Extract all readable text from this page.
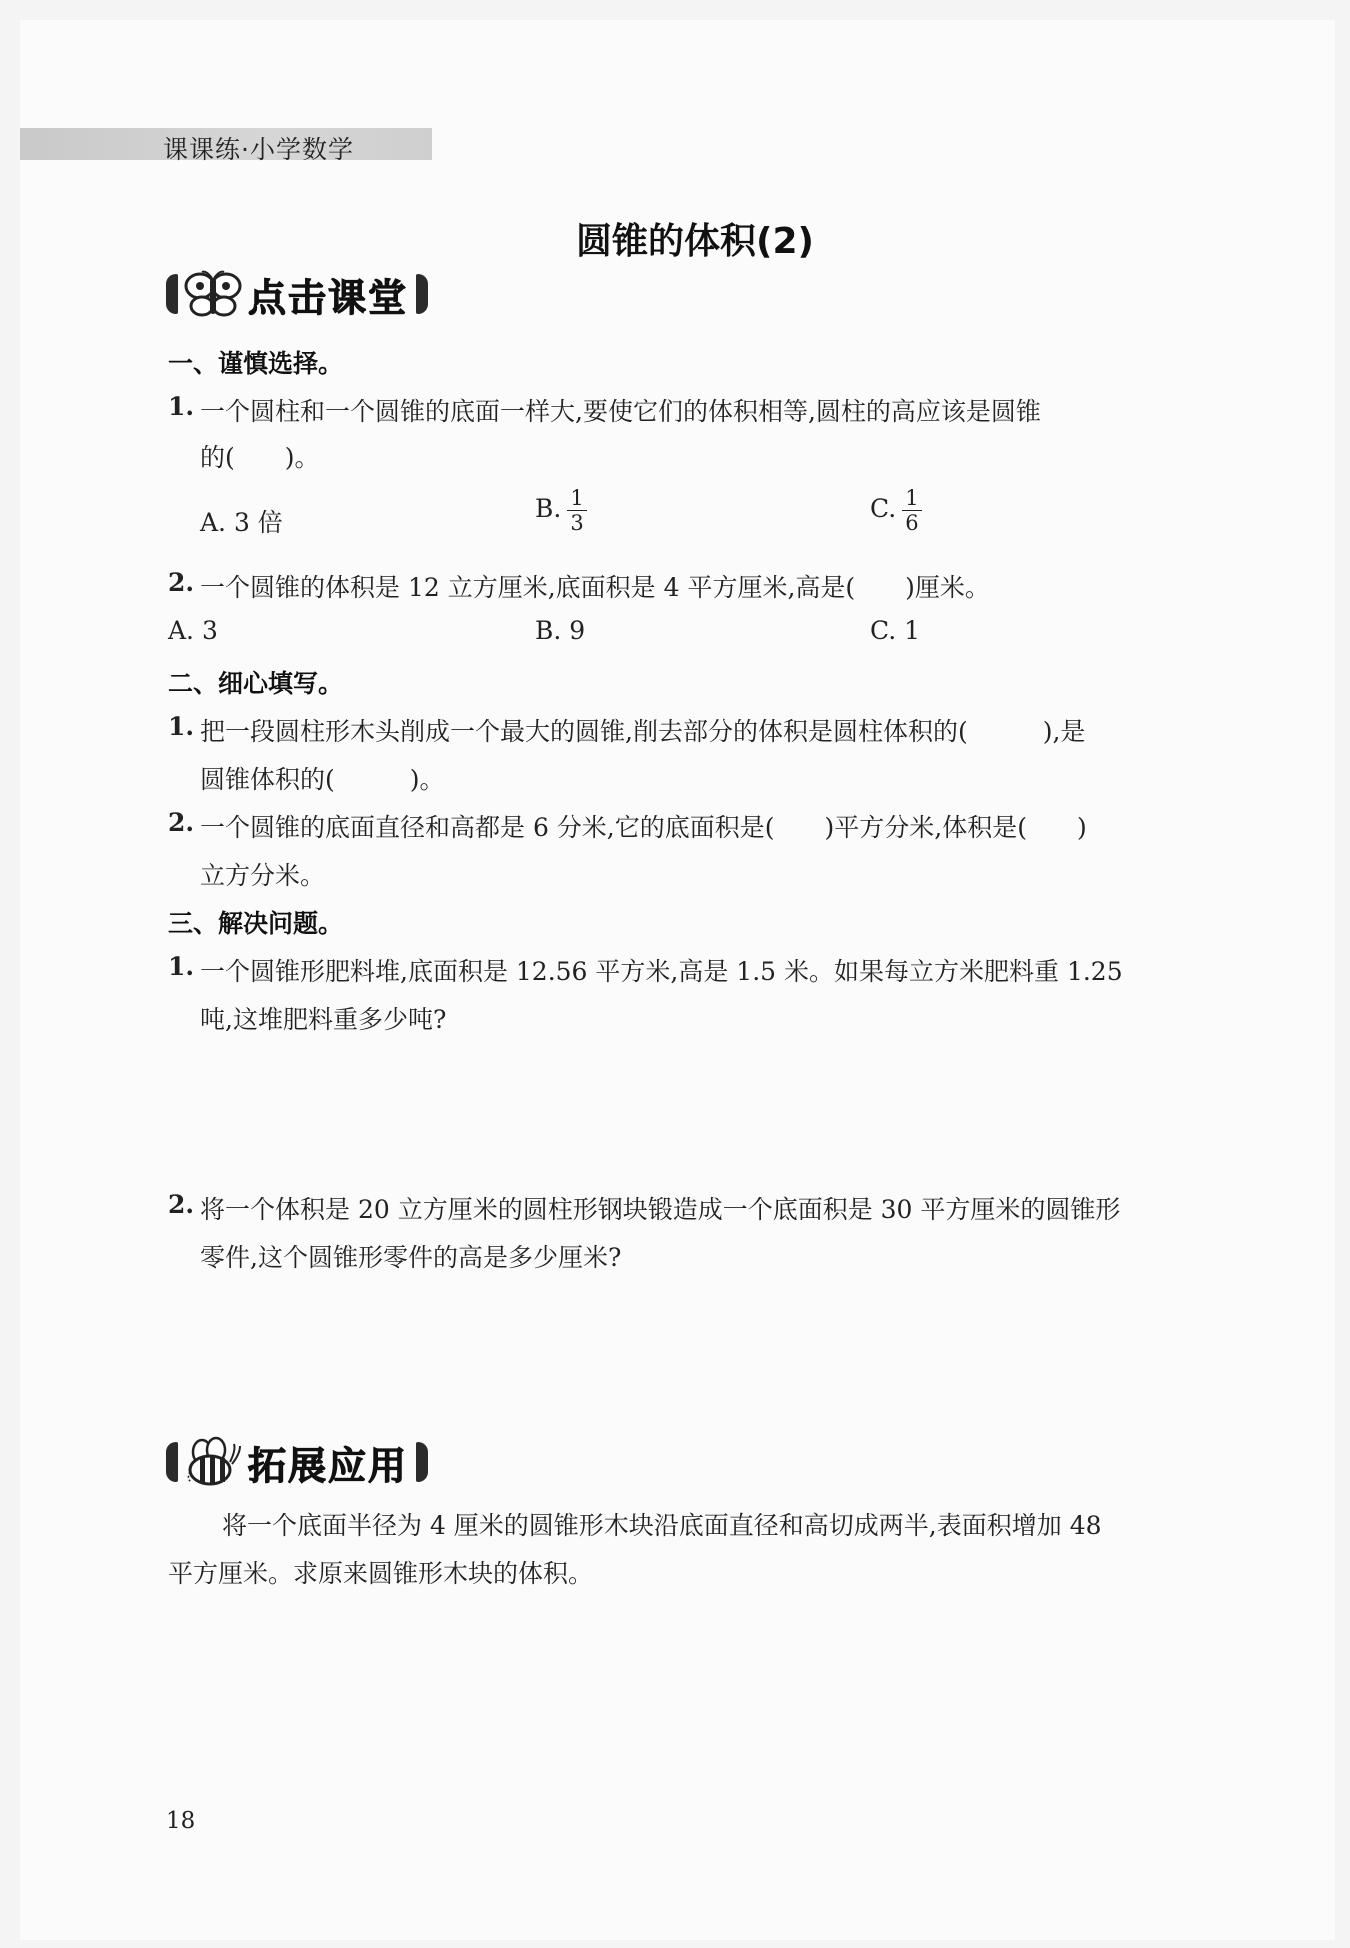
课课练·小学数学
圆锥的体积(2)
点击课堂
一、谨慎选择。
1. 一个圆柱和一个圆锥的底面一样大,要使它们的体积相等,圆柱的高应该是圆锥
的(　　)。
A. 3 倍	B. $\frac{1}{3}$	C. $\frac{1}{6}$
2. 一个圆锥的体积是 12 立方厘米,底面积是 4 平方厘米,高是(　　)厘米。
A. 3	B. 9	C. 1
二、细心填写。
1. 把一段圆柱形木头削成一个最大的圆锥,削去部分的体积是圆柱体积的(　　　),是
圆锥体积的(　　　)。
2. 一个圆锥的底面直径和高都是 6 分米,它的底面积是(　　)平方分米,体积是(　　)
立方分米。
三、解决问题。
1. 一个圆锥形肥料堆,底面积是 12.56 平方米,高是 1.5 米。如果每立方米肥料重 1.25
吨,这堆肥料重多少吨?
2. 将一个体积是 20 立方厘米的圆柱形钢块锻造成一个底面积是 30 平方厘米的圆锥形
零件,这个圆锥形零件的高是多少厘米?
拓展应用
将一个底面半径为 4 厘米的圆锥形木块沿底面直径和高切成两半,表面积增加 48
平方厘米。求原来圆锥形木块的体积。
18
